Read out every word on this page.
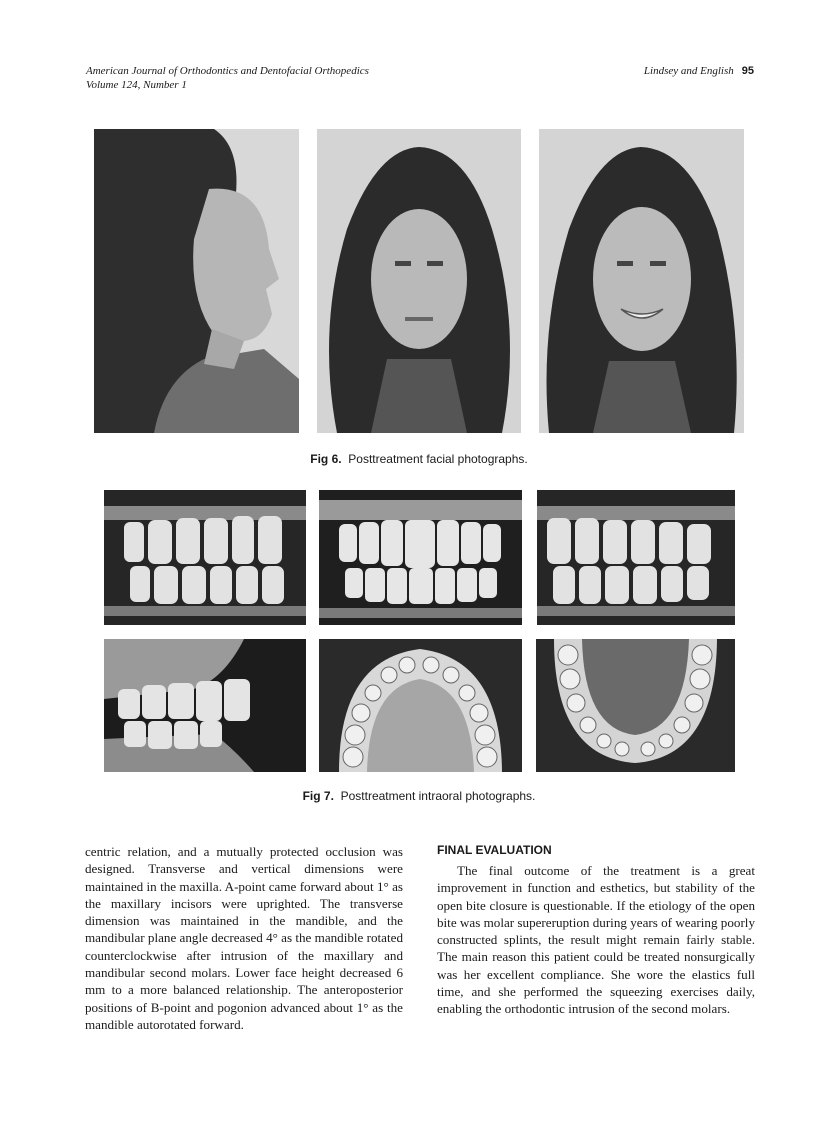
American Journal of Orthodontics and Dentofacial Orthopedics
Volume 124, Number 1
Lindsey and English 95
Fig 6. Posttreatment facial photographs.
Fig 7. Posttreatment intraoral photographs.

centric relation, and a mutually protected occlusion was designed. Transverse and vertical dimensions were maintained in the maxilla. A-point came forward about 1° as the maxillary incisors were uprighted. The transverse dimension was maintained in the mandible, and the mandibular plane angle decreased 4° as the mandible rotated counterclockwise after intrusion of the maxillary and mandibular second molars. Lower face height decreased 6 mm to a more balanced relationship. The anteroposterior positions of B-point and pogonion advanced about 1° as the mandible autorotated forward.

FINAL EVALUATION

The final outcome of the treatment is a great improvement in function and esthetics, but stability of the open bite closure is questionable. If the etiology of the open bite was molar supereruption during years of wearing poorly constructed splints, the result might remain fairly stable. The main reason this patient could be treated nonsurgically was her excellent compliance. She wore the elastics full time, and she performed the squeezing exercises daily, enabling the orthodontic intrusion of the second molars.
